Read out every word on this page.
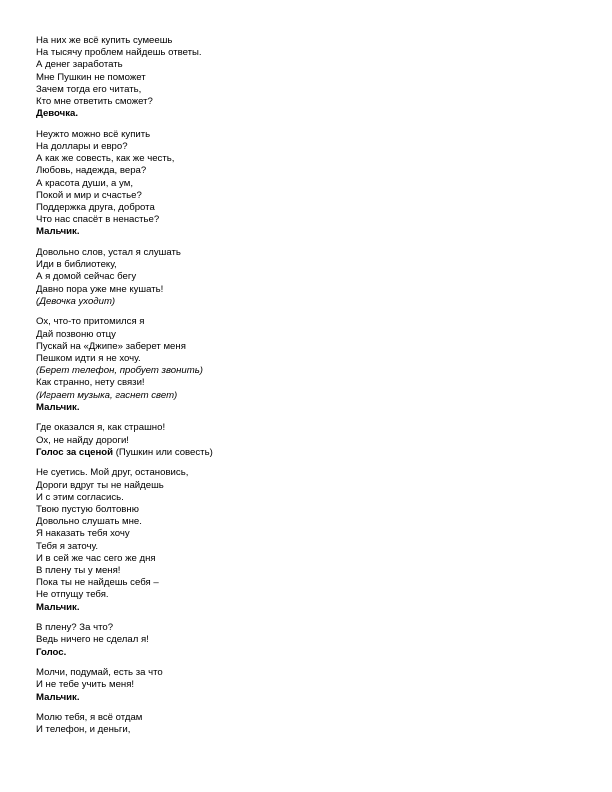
На них же всё купить сумеешь
На тысячу проблем найдешь ответы.
А денег заработать
Мне Пушкин не поможет
Зачем тогда его читать,
Кто мне ответить сможет?
Девочка.
Неужто можно всё купить
На доллары и евро?
А как же совесть, как же честь,
Любовь, надежда, вера?
А красота души, а ум,
Покой и мир и счастье?
Поддержка друга, доброта
Что нас спасёт в ненастье?
Мальчик.
Довольно слов, устал я слушать
Иди в библиотеку,
А я домой сейчас бегу
Давно пора уже мне кушать!
(Девочка уходит)
Ох, что-то притомился я
Дай позвоню отцу
Пускай на «Джипе» заберет меня
Пешком идти я не хочу.
(Берет телефон, пробует звонить)
Как странно, нету связи!
(Играет музыка, гаснет свет)
Мальчик.
Где оказался я, как страшно!
Ох, не найду дороги!
Голос за сценой (Пушкин или совесть)
Не суетись. Мой друг, остановись,
Дороги вдруг ты не найдешь
И с этим согласись.
Твою пустую болтовню
Довольно слушать мне.
Я наказать тебя хочу
Тебя я заточу.
И в сей же час сего же дня
В плену ты у меня!
Пока ты не найдешь себя –
Не отпущу тебя.
Мальчик.
В плену? За что?
Ведь ничего не сделал я!
Голос.
Молчи, подумай, есть за что
И не тебе учить меня!
Мальчик.
Молю тебя, я всё отдам
И телефон, и деньги,
